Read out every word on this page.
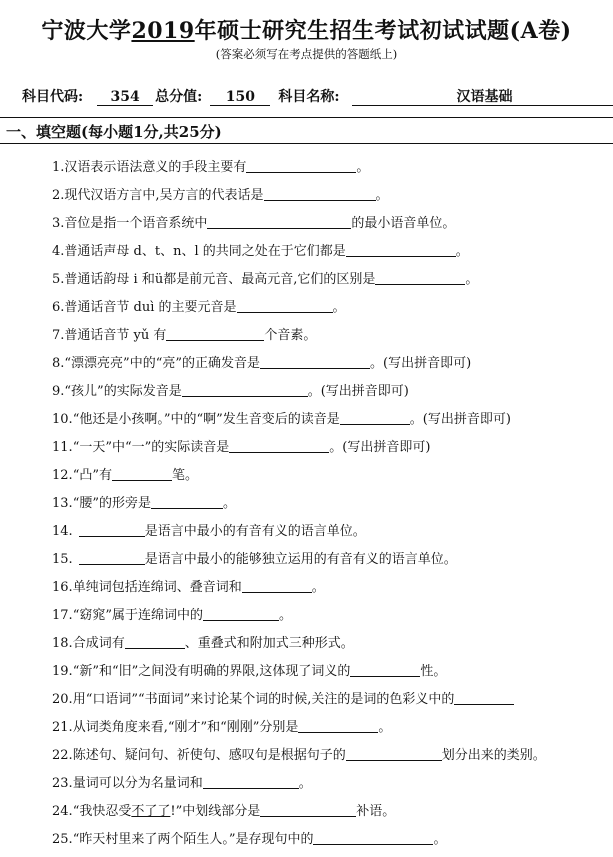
宁波大学2019年硕士研究生招生考试初试试题(A卷)
(答案必须写在考点提供的答题纸上)
科目代码:	354	总分值:	150	科目名称:	汉语基础
一、填空题(每小题1分,共25分)
1.汉语表示语法意义的手段主要有	。
2.现代汉语方言中,吴方言的代表话是	。
3.音位是指一个语音系统中	的最小语音单位。
4.普通话声母 d、t、n、l 的共同之处在于它们都是	。
5.普通话韵母 i 和ü都是前元音、最高元音,它们的区别是	。
6.普通话音节 duì 的主要元音是	。
7.普通话音节 yǔ 有	个音素。
8.“漂漂亮亮”中的“亮”的正确发音是	。(写出拼音即可)
9.“孩儿”的实际发音是	。(写出拼音即可)
10.“他还是小孩啊。”中的“啊”发生音变后的读音是	。(写出拼音即可)
11.“一天”中“一”的实际读音是	。(写出拼音即可)
12.“凸”有	笔。
13.“腰”的形旁是	。
14.	是语言中最小的有音有义的语言单位。
15.	是语言中最小的能够独立运用的有音有义的语言单位。
16.单纯词包括连绵词、叠音词和	。
17.“窈窕”属于连绵词中的	。
18.合成词有	、重叠式和附加式三种形式。
19.“新”和“旧”之间没有明确的界限,这体现了词义的	性。
20.用“口语词”“书面词”来讨论某个词的时候,关注的是词的色彩义中的
21.从词类角度来看,“刚才”和“刚刚”分别是	。
22.陈述句、疑问句、祈使句、感叹句是根据句子的	划分出来的类别。
23.量词可以分为名量词和	。
24.“我快忍受不了了!”中划线部分是	补语。
25.“昨天村里来了两个陌生人。”是存现句中的	。
